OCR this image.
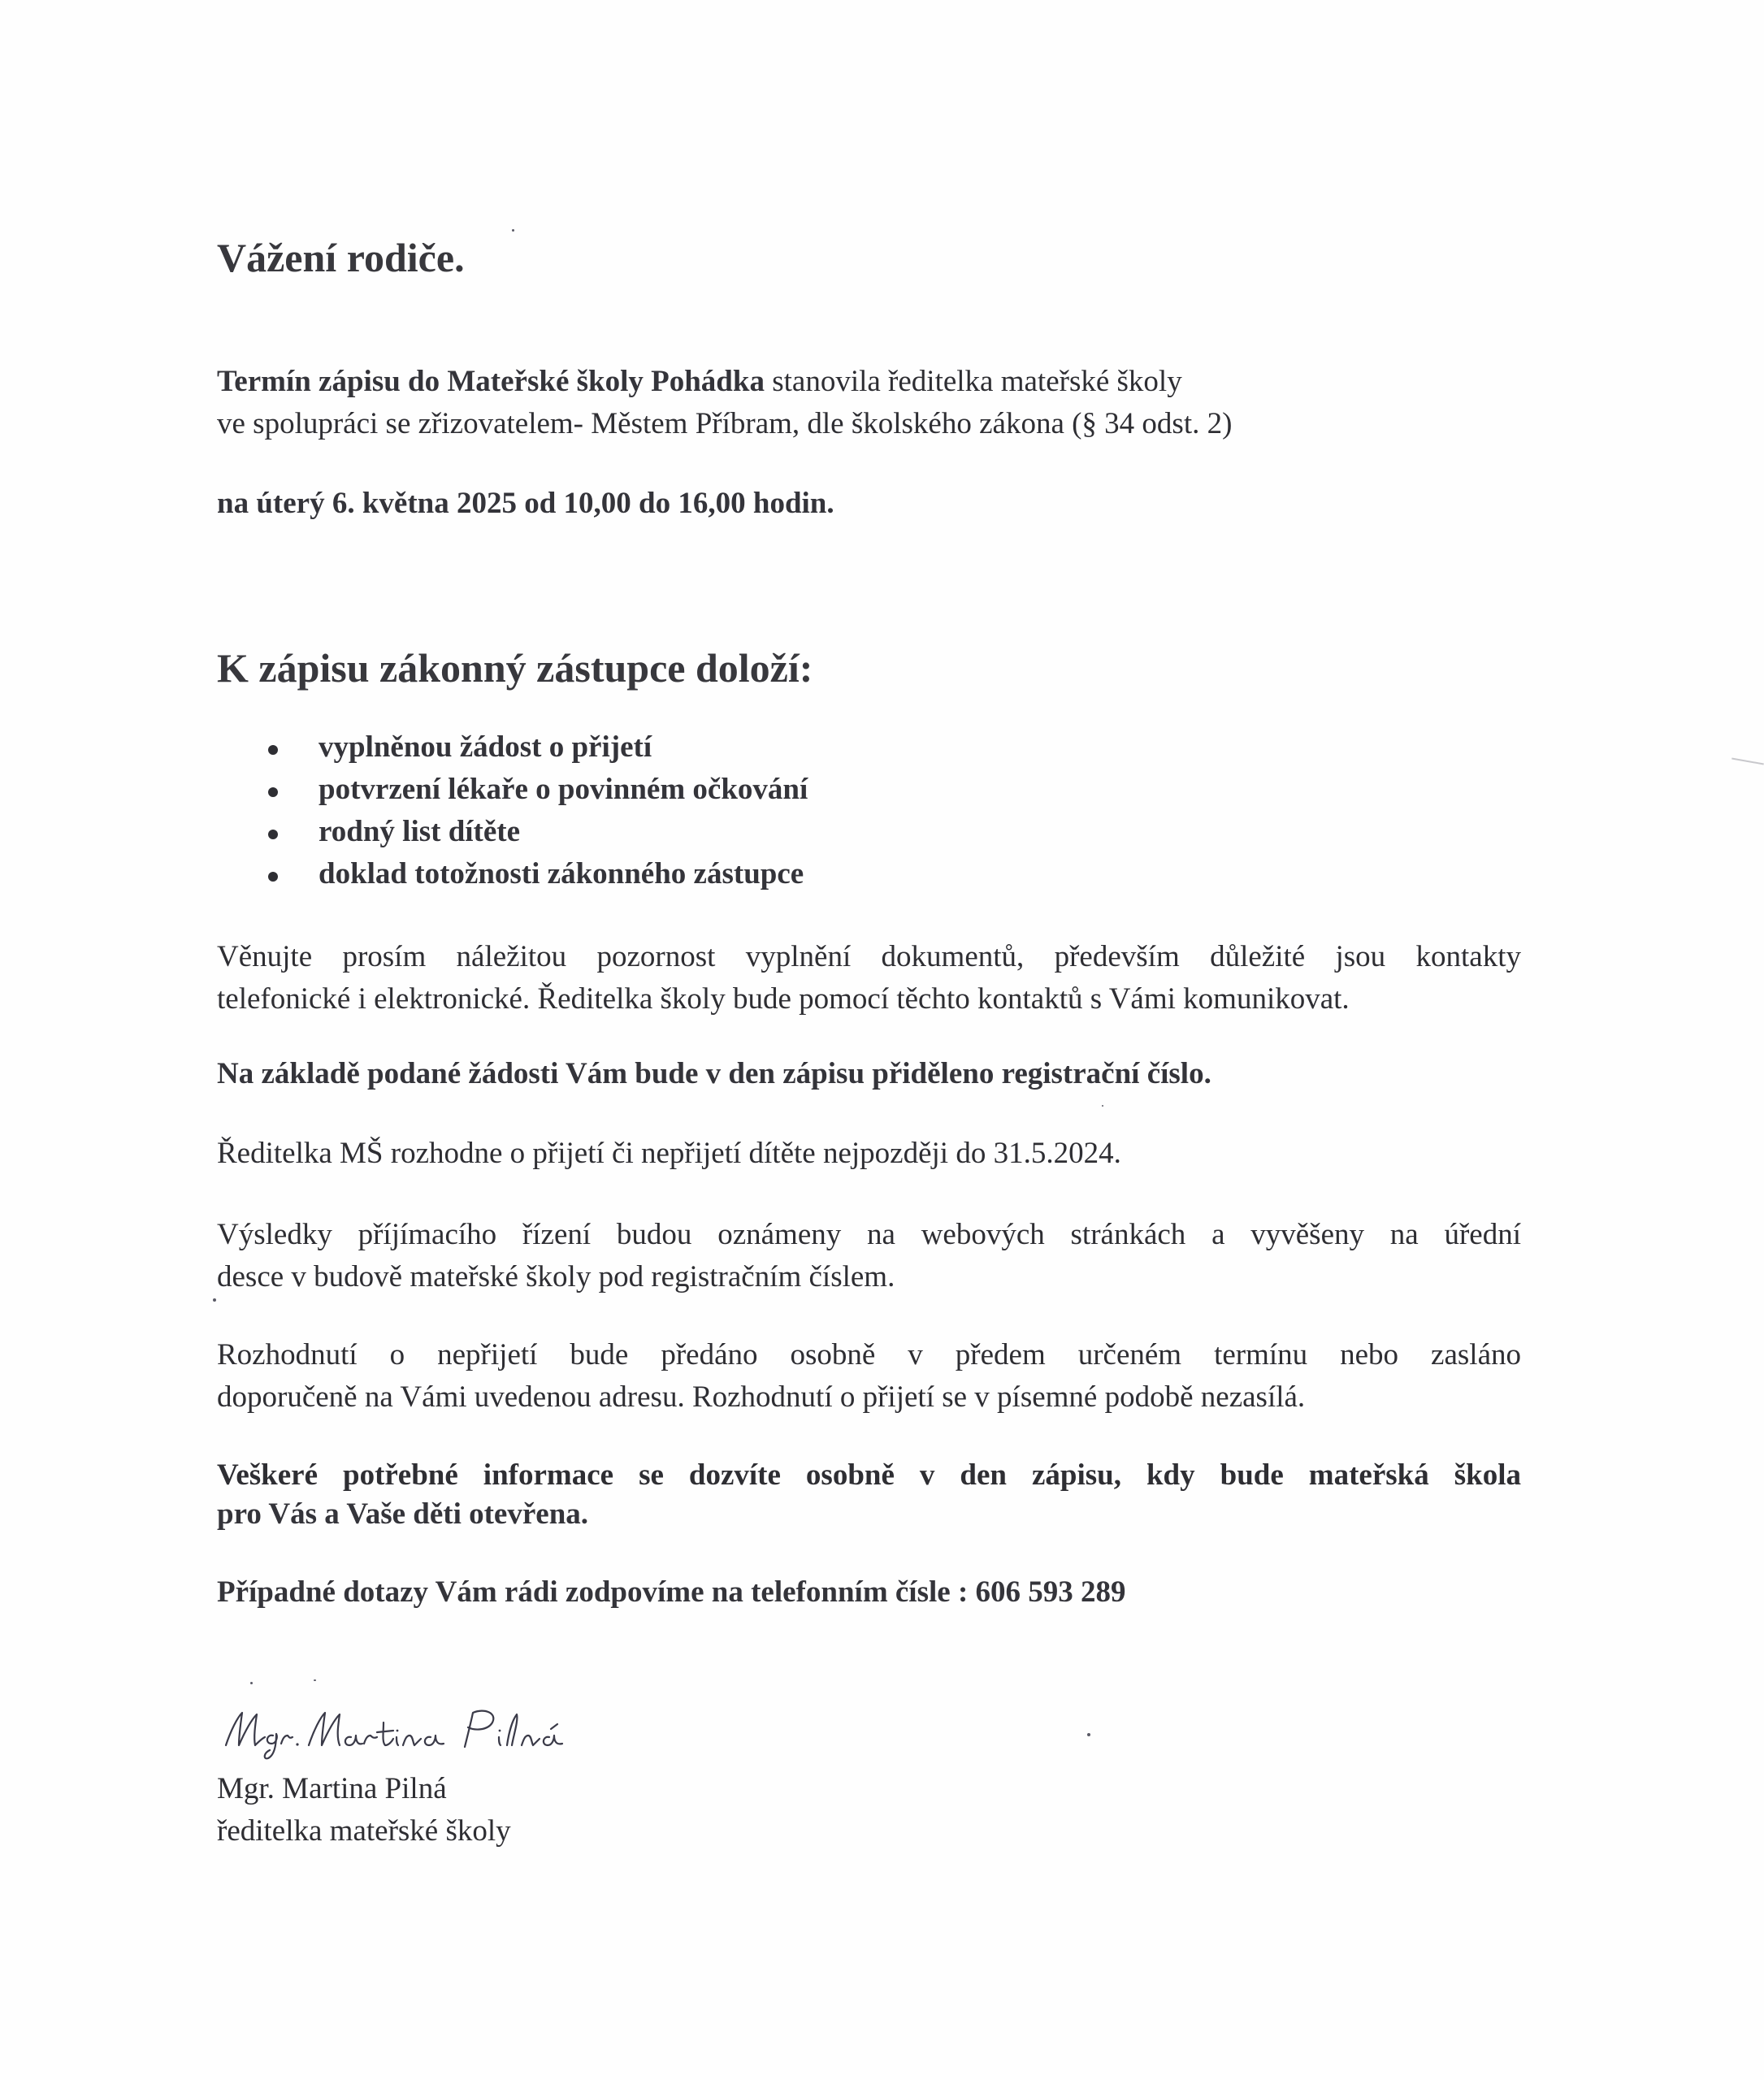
Vážení rodiče.
Termín zápisu do Mateřské školy Pohádka stanovila ředitelka mateřské školy
ve spolupráci se zřizovatelem- Městem Příbram, dle školského zákona (§ 34 odst. 2)
na úterý 6. května 2025 od 10,00 do 16,00 hodin.
K zápisu zákonný zástupce doloží:
vyplněnou žádost o přijetí
potvrzení lékaře o povinném očkování
rodný list dítěte
doklad totožnosti zákonného zástupce
Věnujte prosím náležitou pozornost vyplnění dokumentů, především důležité jsou kontakty
telefonické i elektronické. Ředitelka školy bude pomocí těchto kontaktů s Vámi komunikovat.
Na základě podané žádosti Vám bude v den zápisu přiděleno registrační číslo.
Ředitelka MŠ rozhodne o přijetí či nepřijetí dítěte nejpozději do 31.5.2024.
Výsledky příjímacího řízení budou oznámeny na webových stránkách a vyvěšeny na úřední
desce v budově mateřské školy pod registračním číslem.
Rozhodnutí o nepřijetí bude předáno osobně v předem určeném termínu nebo zasláno
doporučeně na Vámi uvedenou adresu. Rozhodnutí o přijetí se v písemné podobě nezasílá.
Veškeré potřebné informace se dozvíte osobně v den zápisu, kdy bude mateřská škola
pro Vás a Vaše děti otevřena.
Případné dotazy Vám rádi zodpovíme na telefonním čísle : 606 593 289
Mgr. Martina Pilná
ředitelka mateřské školy
